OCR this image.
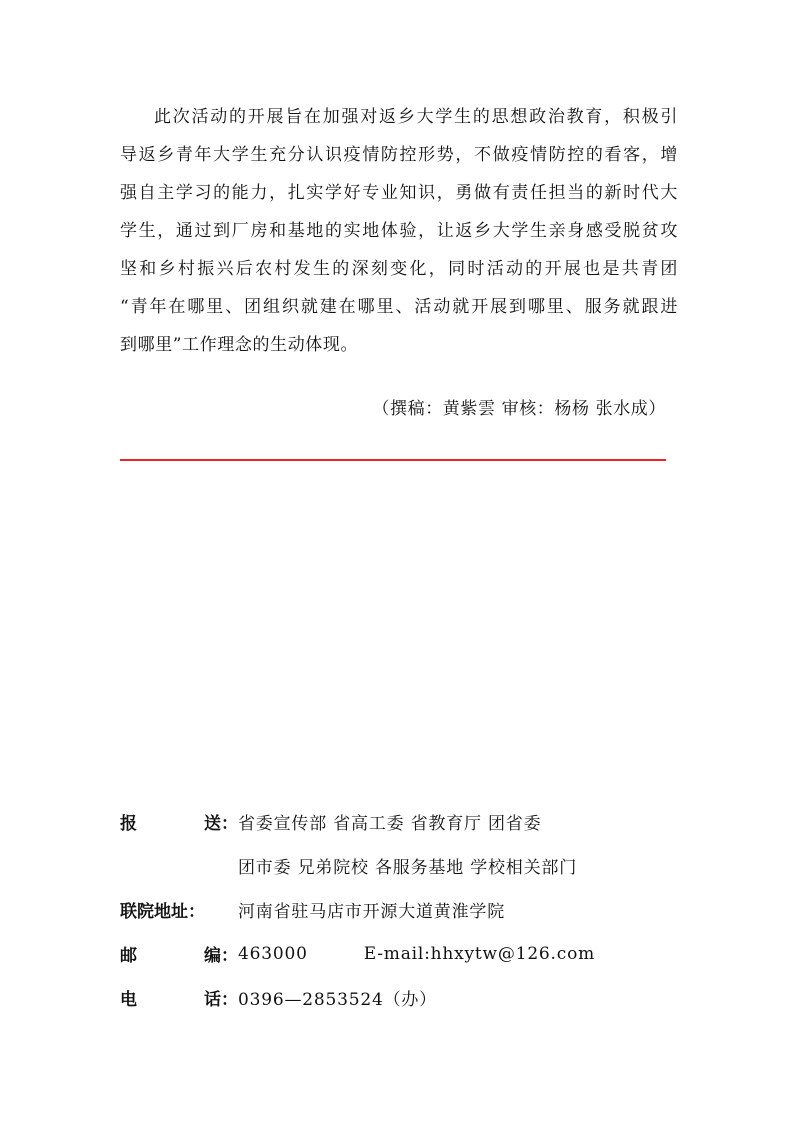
此次活动的开展旨在加强对返乡大学生的思想政治教育，积极引
导返乡青年大学生充分认识疫情防控形势，不做疫情防控的看客，增
强自主学习的能力，扎实学好专业知识，勇做有责任担当的新时代大
学生，通过到厂房和基地的实地体验，让返乡大学生亲身感受脱贫攻
坚和乡村振兴后农村发生的深刻变化，同时活动的开展也是共青团
“青年在哪里、团组织就建在哪里、活动就开展到哪里、服务就跟进
到哪里”工作理念的生动体现。
（撰稿：黄紫雲 审核：杨杨 张水成）
报	送： 省委宣传部 省高工委 省教育厅 团省委
团市委 兄弟院校 各服务基地 学校相关部门
联院地址：	河南省驻马店市开源大道黄淮学院
邮	编： 463000	E-mail:hhxytw@126.com
电	话： 0396—2853524（办）
